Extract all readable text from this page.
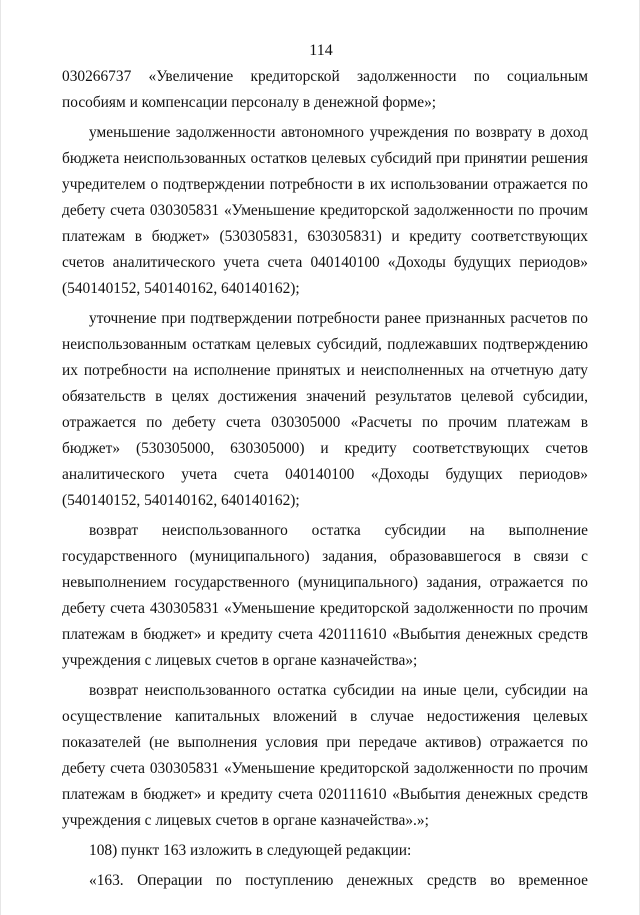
114

030266737 «Увеличение кредиторской задолженности по социальным пособиям и компенсации персоналу в денежной форме»;

уменьшение задолженности автономного учреждения по возврату в доход бюджета неиспользованных остатков целевых субсидий при принятии решения учредителем о подтверждении потребности в их использовании отражается по дебету счета 030305831 «Уменьшение кредиторской задолженности по прочим платежам в бюджет» (530305831, 630305831) и кредиту соответствующих счетов аналитического учета счета 040140100 «Доходы будущих периодов» (540140152, 540140162, 640140162);

уточнение при подтверждении потребности ранее признанных расчетов по неиспользованным остаткам целевых субсидий, подлежавших подтверждению их потребности на исполнение принятых и неисполненных на отчетную дату обязательств в целях достижения значений результатов целевой субсидии, отражается по дебету счета 030305000 «Расчеты по прочим платежам в бюджет» (530305000, 630305000) и кредиту соответствующих счетов аналитического учета счета 040140100 «Доходы будущих периодов» (540140152, 540140162, 640140162);

возврат неиспользованного остатка субсидии на выполнение государственного (муниципального) задания, образовавшегося в связи с невыполнением государственного (муниципального) задания, отражается по дебету счета 430305831 «Уменьшение кредиторской задолженности по прочим платежам в бюджет» и кредиту счета 420111610 «Выбытия денежных средств учреждения с лицевых счетов в органе казначейства»;

возврат неиспользованного остатка субсидии на иные цели, субсидии на осуществление капитальных вложений в случае недостижения целевых показателей (не выполнения условия при передаче активов) отражается по дебету счета 030305831 «Уменьшение кредиторской задолженности по прочим платежам в бюджет» и кредиту счета 020111610 «Выбытия денежных средств учреждения с лицевых счетов в органе казначейства».»;

108) пункт 163 изложить в следующей редакции:

«163. Операции по поступлению денежных средств во временное
